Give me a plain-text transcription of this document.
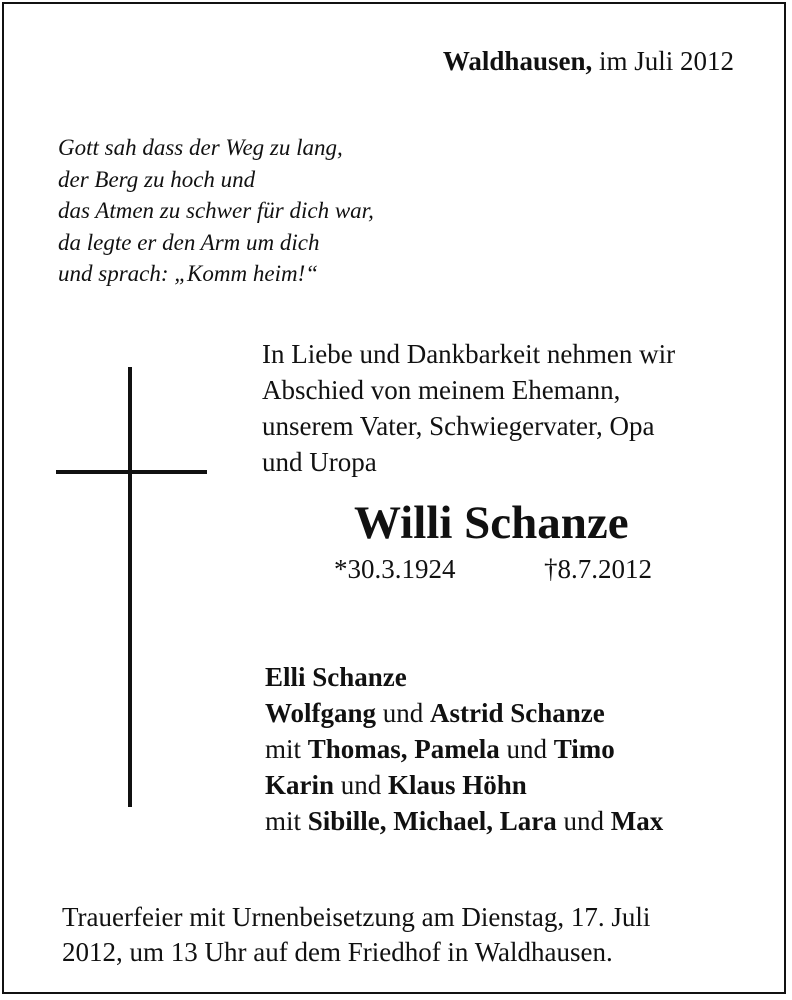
Waldhausen, im Juli 2012
Gott sah dass der Weg zu lang,
der Berg zu hoch und
das Atmen zu schwer für dich war,
da legte er den Arm um dich
und sprach: „Komm heim!“
In Liebe und Dankbarkeit nehmen wir
Abschied von meinem Ehemann,
unserem Vater, Schwiegervater, Opa
und Uropa
Willi Schanze
*30.3.1924	†8.7.2012
Elli Schanze
Wolfgang und Astrid Schanze
mit Thomas, Pamela und Timo
Karin und Klaus Höhn
mit Sibille, Michael, Lara und Max
Trauerfeier mit Urnenbeisetzung am Dienstag, 17. Juli
2012, um 13 Uhr auf dem Friedhof in Waldhausen.
